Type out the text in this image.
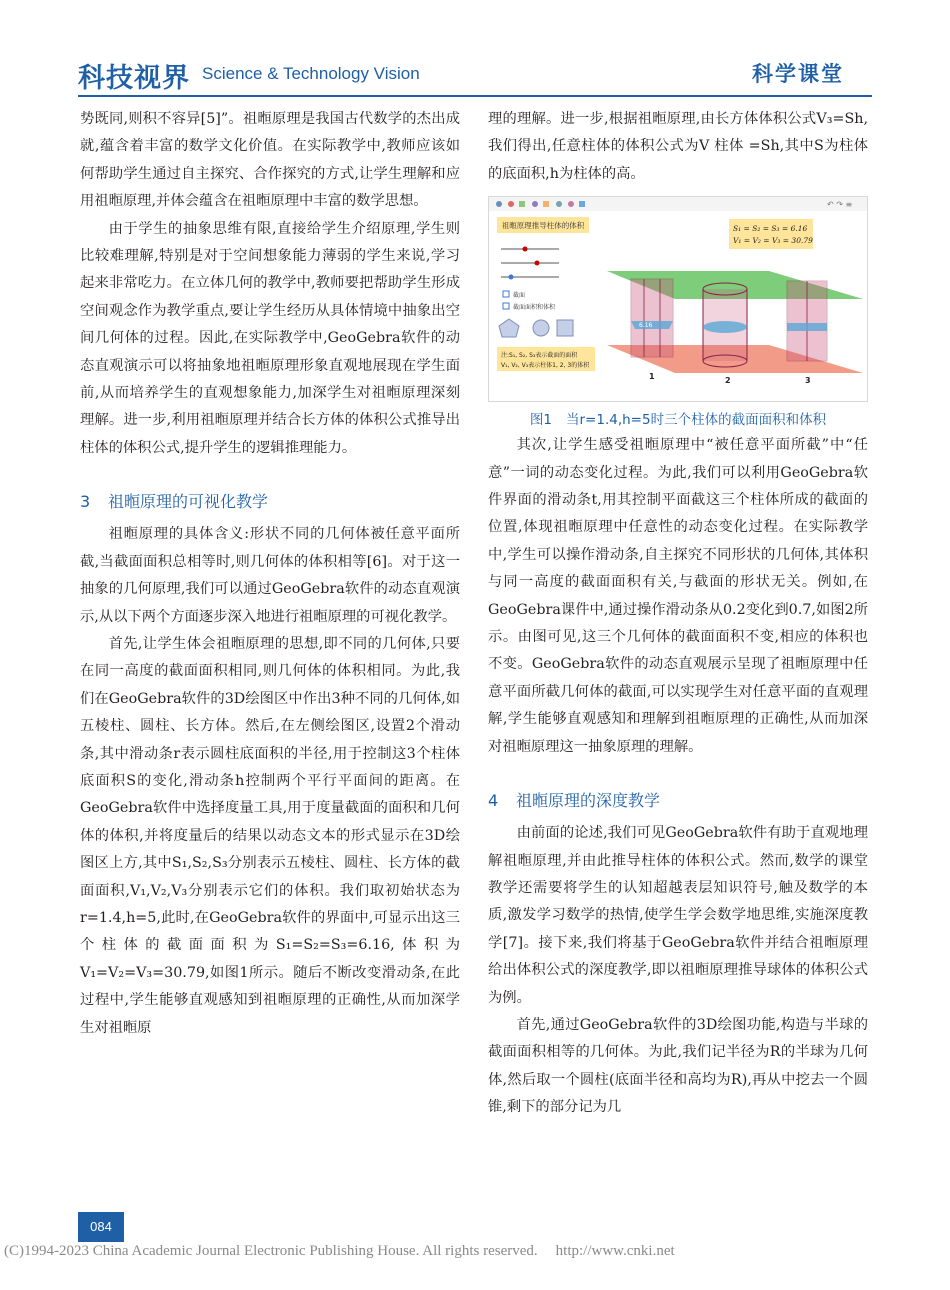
科技视界 Science & Technology Vision	科学课堂

势既同,则积不容异[5]”。祖暅原理是我国古代数学的杰出成就,蕴含着丰富的数学文化价值。在实际教学中,教师应该如何帮助学生通过自主探究、合作探究的方式,让学生理解和应用祖暅原理,并体会蕴含在祖暅原理中丰富的数学思想。

由于学生的抽象思维有限,直接给学生介绍原理,学生则比较难理解,特别是对于空间想象能力薄弱的学生来说,学习起来非常吃力。在立体几何的教学中,教师要把帮助学生形成空间观念作为教学重点,要让学生经历从具体情境中抽象出空间几何体的过程。因此,在实际教学中,GeoGebra软件的动态直观演示可以将抽象地祖暅原理形象直观地展现在学生面前,从而培养学生的直观想象能力,加深学生对祖暅原理深刻理解。进一步,利用祖暅原理并结合长方体的体积公式推导出柱体的体积公式,提升学生的逻辑推理能力。

3 祖暅原理的可视化教学

祖暅原理的具体含义:形状不同的几何体被任意平面所截,当截面面积总相等时,则几何体的体积相等[6]。对于这一抽象的几何原理,我们可以通过GeoGebra软件的动态直观演示,从以下两个方面逐步深入地进行祖暅原理的可视化教学。

首先,让学生体会祖暅原理的思想,即不同的几何体,只要在同一高度的截面面积相同,则几何体的体积相同。为此,我们在GeoGebra软件的3D绘图区中作出3种不同的几何体,如五棱柱、圆柱、长方体。然后,在左侧绘图区,设置2个滑动条,其中滑动条r表示圆柱底面积的半径,用于控制这3个柱体底面积S的变化,滑动条h控制两个平行平面间的距离。在GeoGebra软件中选择度量工具,用于度量截面的面积和几何体的体积,并将度量后的结果以动态文本的形式显示在3D绘图区上方,其中S₁,S₂,S₃分别表示五棱柱、圆柱、长方体的截面面积,V₁,V₂,V₃分别表示它们的体积。我们取初始状态为r=1.4,h=5,此时,在GeoGebra软件的界面中,可显示出这三个柱体的截面面积为S₁=S₂=S₃=6.16,体积为V₁=V₂=V₃=30.79,如图1所示。随后不断改变滑动条,在此过程中,学生能够直观感知到祖暅原理的正确性,从而加深学生对祖暅原

理的理解。进一步,根据祖暅原理,由长方体体积公式V₃=Sh,我们得出,任意柱体的体积公式为V 柱体 =Sh,其中S为柱体的底面积,h为柱体的高。

↶ ↷ ≡
祖暅原理推导柱体的体积
截面
截面面积和体积
注:S₁, S₂, S₃表示截面的面积
V₁, V₂, V₃表示柱体1, 2, 3的体积
S₁ = S₂ = S₃ = 6.16
V₁ = V₂ = V₃ = 30.79
6.16
1	2	3
图1 当r=1.4,h=5时三个柱体的截面面积和体积

其次,让学生感受祖暅原理中“被任意平面所截”中“任意”一词的动态变化过程。为此,我们可以利用GeoGebra软件界面的滑动条t,用其控制平面截这三个柱体所成的截面的位置,体现祖暅原理中任意性的动态变化过程。在实际教学中,学生可以操作滑动条,自主探究不同形状的几何体,其体积与同一高度的截面面积有关,与截面的形状无关。例如,在GeoGebra课件中,通过操作滑动条从0.2变化到0.7,如图2所示。由图可见,这三个几何体的截面面积不变,相应的体积也不变。GeoGebra软件的动态直观展示呈现了祖暅原理中任意平面所截几何体的截面,可以实现学生对任意平面的直观理解,学生能够直观感知和理解到祖暅原理的正确性,从而加深对祖暅原理这一抽象原理的理解。

4 祖暅原理的深度教学

由前面的论述,我们可见GeoGebra软件有助于直观地理解祖暅原理,并由此推导柱体的体积公式。然而,数学的课堂教学还需要将学生的认知超越表层知识符号,触及数学的本质,激发学习数学的热情,使学生学会数学地思维,实施深度教学[7]。接下来,我们将基于GeoGebra软件并结合祖暅原理给出体积公式的深度教学,即以祖暅原理推导球体的体积公式为例。

首先,通过GeoGebra软件的3D绘图功能,构造与半球的截面面积相等的几何体。为此,我们记半径为R的半球为几何体,然后取一个圆柱(底面半径和高均为R),再从中挖去一个圆锥,剩下的部分记为几

084
(C)1994-2023 China Academic Journal Electronic Publishing House. All rights reserved. http://www.cnki.net
